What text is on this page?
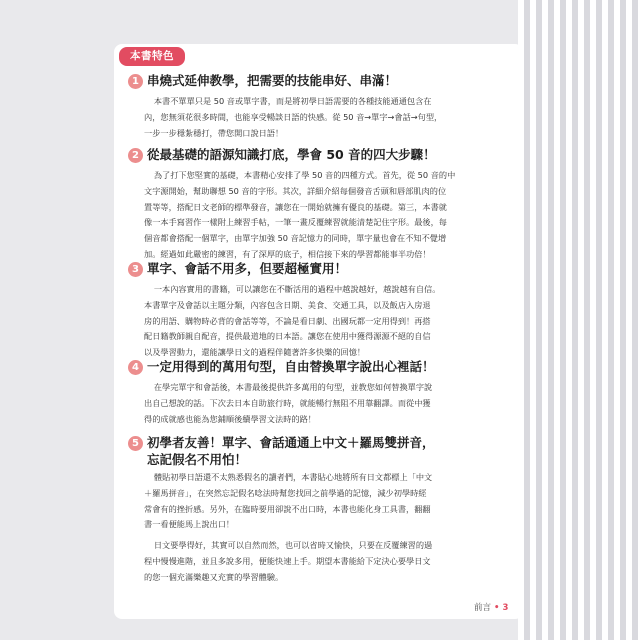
本書特色
1 串燒式延伸教學，把需要的技能串好、串滿！
本書不單單只是 50 音或單字書，而是將初學日語需要的各種技能通通包含在
內，您無須花很多時間，也能享受暢談日語的快感。從 50 音→單字→會話→句型，
一步一步穩紮穩打，帶您開口說日語！
2 從最基礎的語源知識打底，學會 50 音的四大步驟！
為了打下您堅實的基礎，本書精心安排了學 50 音的四種方式。首先，從 50 音的中
文字源開始，幫助聯想 50 音的字形。其次，詳細介紹每個發音舌頭和唇部肌肉的位
置等等，搭配日文老師的標準發音，讓您在一開始就擁有優良的基礎。第三，本書就
像一本手寫習作一樣附上練習手帖，一筆一畫反覆練習就能清楚記住字形。最後，每
個音都會搭配一個單字，由單字加強 50 音記憶力的同時，單字量也會在不知不覺增
加。經過如此嚴密的練習，有了深厚的底子，相信接下來的學習都能事半功倍！
3 單字、會話不用多，但要超極實用！
一本內容實用的書籍，可以讓您在不斷活用的過程中越說越好，越說越有自信。
本書單字及會話以主題分類，內容包含日期、美食、交通工具，以及飯店入房退
房的用語、購物時必背的會話等等，不論是看日劇、出國玩都一定用得到！再搭
配日籍教師親自配音，提供最道地的日本語。讓您在使用中獲得源源不絕的自信
以及學習動力，還能讓學日文的過程伴隨著許多快樂的回憶！
4 一定用得到的萬用句型，自由替換單字說出心裡話！
在學完單字和會話後，本書最後提供許多萬用的句型，並教您如何替換單字說
出自己想說的話。下次去日本自助旅行時，就能暢行無阻不用靠翻譯。而從中獲
得的成就感也能為您鋪順後續學習文法時的路！
5 初學者友善！單字、會話通通上中文＋羅馬雙拼音，
忘記假名不用怕！
體貼初學日語還不太熟悉假名的讀者們，本書貼心地將所有日文都標上「中文
＋羅馬拼音」，在突然忘記假名唸法時幫您找回之前學過的記憶，減少初學時經
常會有的挫折感。另外，在臨時要用卻說不出口時，本書也能化身工具書，翻翻
書一看便能馬上說出口！
日文要學得好，其實可以自然而然，也可以省時又愉快，只要在反覆練習的過
程中慢慢進階，並且多說多用，便能快速上手。期望本書能給下定決心要學日文
的您一個充滿樂趣又充實的學習體驗。
前言 • 3
